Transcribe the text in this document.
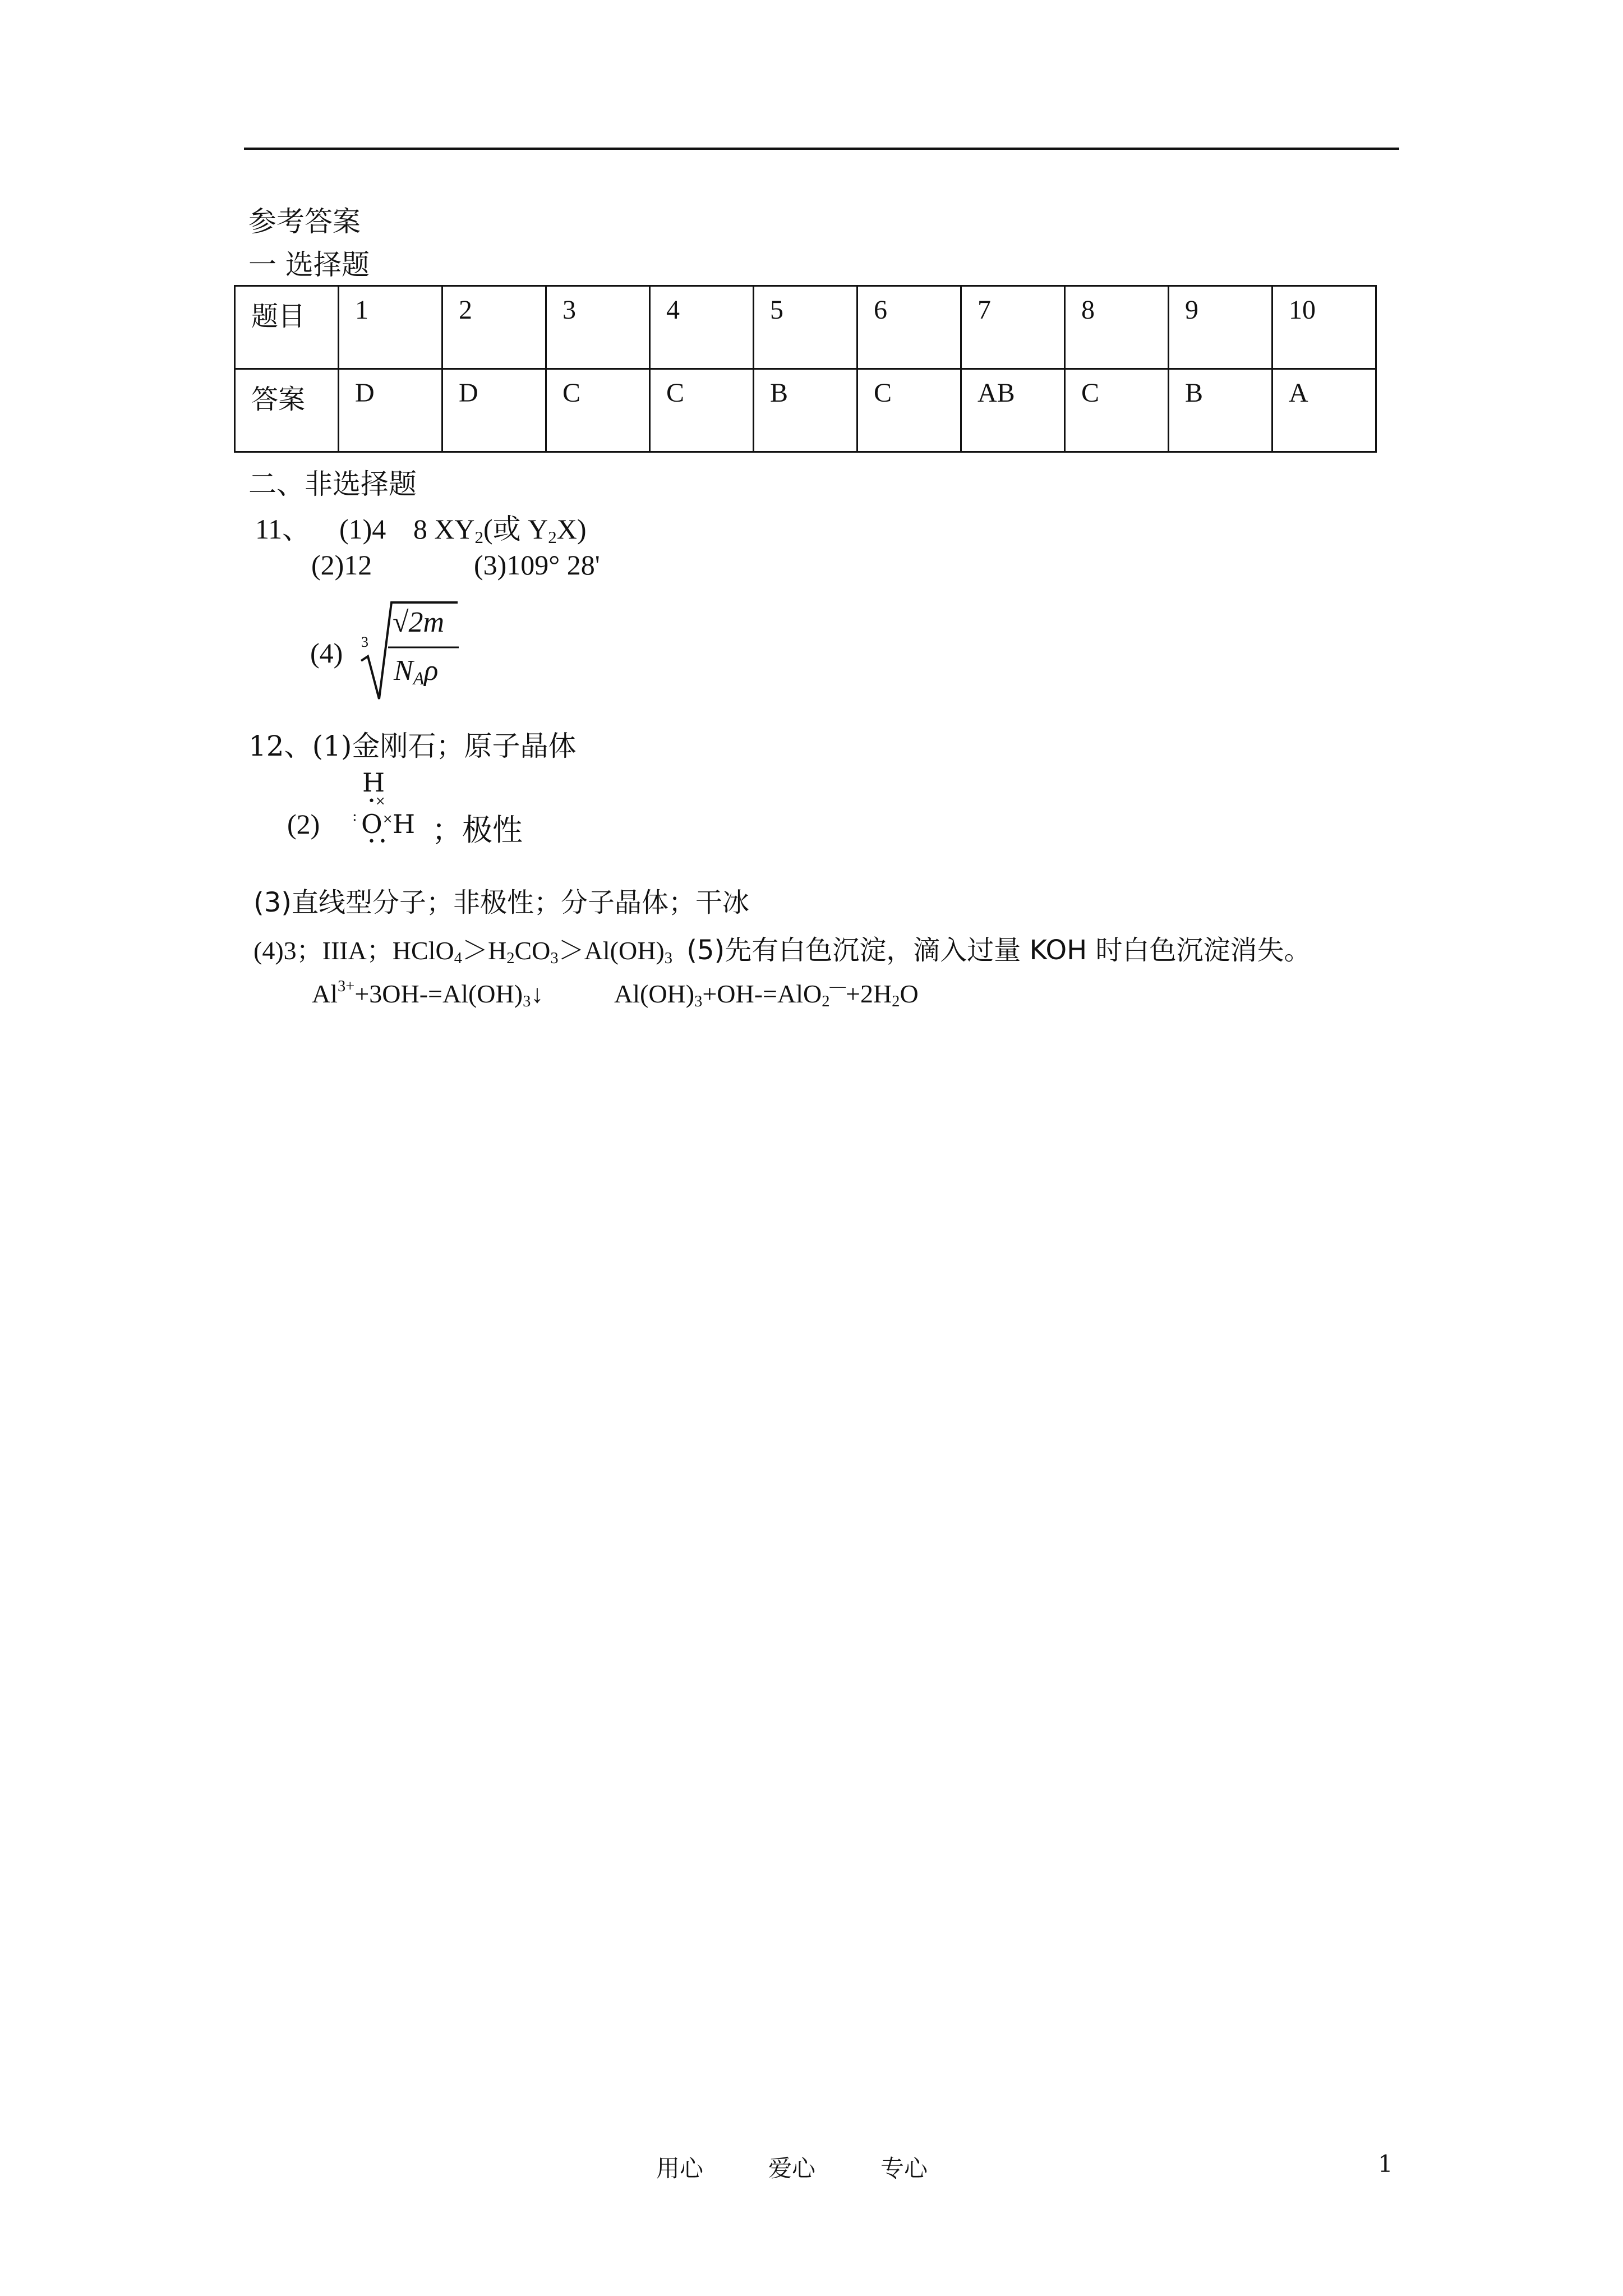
参考答案
一 选择题
题目	1	2	3	4	5	6	7	8	9	10
答案	D	D	C	C	B	C	AB	C	B	A
二、非选择题
11、 (1)4 8 $XY_2$(或 $Y_2X$)
(2)12	(3)109° 28'
(4) 3
√2m
$N_A\rho$
12、(1)金刚石；原子晶体
(2)
H
•×
: O × H
• • ；极性
(3)直线型分子；非极性；分子晶体；干冰
(4)3；IIIA；$HClO_4>H_2CO_3>Al(OH)_3$ (5)先有白色沉淀，滴入过量 KOH 时白色沉淀消失。
$Al^{3+}+3OH-=Al(OH)_3↓$	$Al(OH)_3+OH-=AlO_2^—+2H_2O$
用心	爱心	专心	1
